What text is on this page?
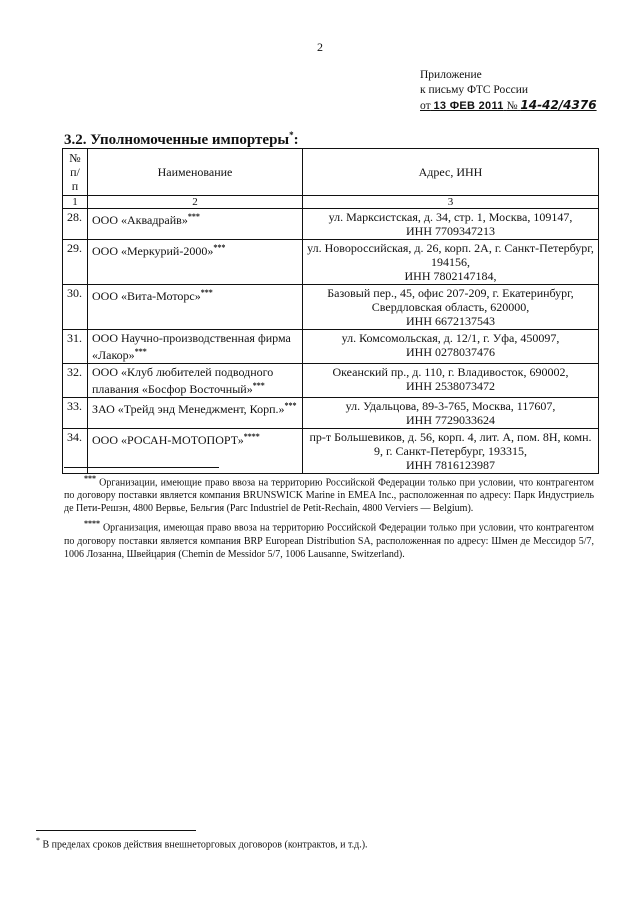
2
Приложение
к письму ФТС России
от 13 ФЕВ 2011 № 14-42/4376
3.2. Уполномоченные импортеры*:
№
п/п	Наименование	Адрес, ИНН
1	2	3
28.	ООО «Аквадрайв»***	ул. Марксистская, д. 34, стр. 1, Москва, 109147,
ИНН 7709347213

29.	ООО «Меркурий-2000»***	ул. Новороссийская, д. 26, корп. 2А, г. Санкт-Петербург, 194156,
ИНН 7802147184,

30.	ООО «Вита-Моторс»***	Базовый пер., 45, офис 207-209, г. Екатеринбург, Свердловская область, 620000,
ИНН 6672137543

31.	ООО Научно-производственная фирма «Лакор»***	ул. Комсомольская, д. 12/1, г. Уфа, 450097,
ИНН 0278037476

32.	ООО «Клуб любителей подводного плавания «Босфор Восточный»***	Океанский пр., д. 110, г. Владивосток, 690002,
ИНН 2538073472

33.	ЗАО «Трейд энд Менеджмент, Корп.»***	ул. Удальцова, 89-3-765, Москва, 117607,
ИНН 7729033624

34.	ООО «РОСАН-МОТОПОРТ»****	пр-т Большевиков, д. 56, корп. 4, лит. А, пом. 8Н, комн. 9, г. Санкт-Петербург, 193315,
ИНН 7816123987

*** Организации, имеющие право ввоза на территорию Российской Федерации только при условии, что контрагентом по договору поставки является компания BRUNSWICK Marine in EMEA Inc., расположенная по адресу: Парк Индустриель де Пети-Решэн, 4800 Вервье, Бельгия (Parc Industriel de Petit-Rechain, 4800 Verviers — Belgium).

**** Организация, имеющая право ввоза на территорию Российской Федерации только при условии, что контрагентом по договору поставки является компания BRP European Distribution SA, расположенная по адресу: Шмен де Мессидор 5/7, 1006 Лозанна, Швейцария (Chemin de Messidor 5/7, 1006 Lausanne, Switzerland).

* В пределах сроков действия внешнеторговых договоров (контрактов, и т.д.).
